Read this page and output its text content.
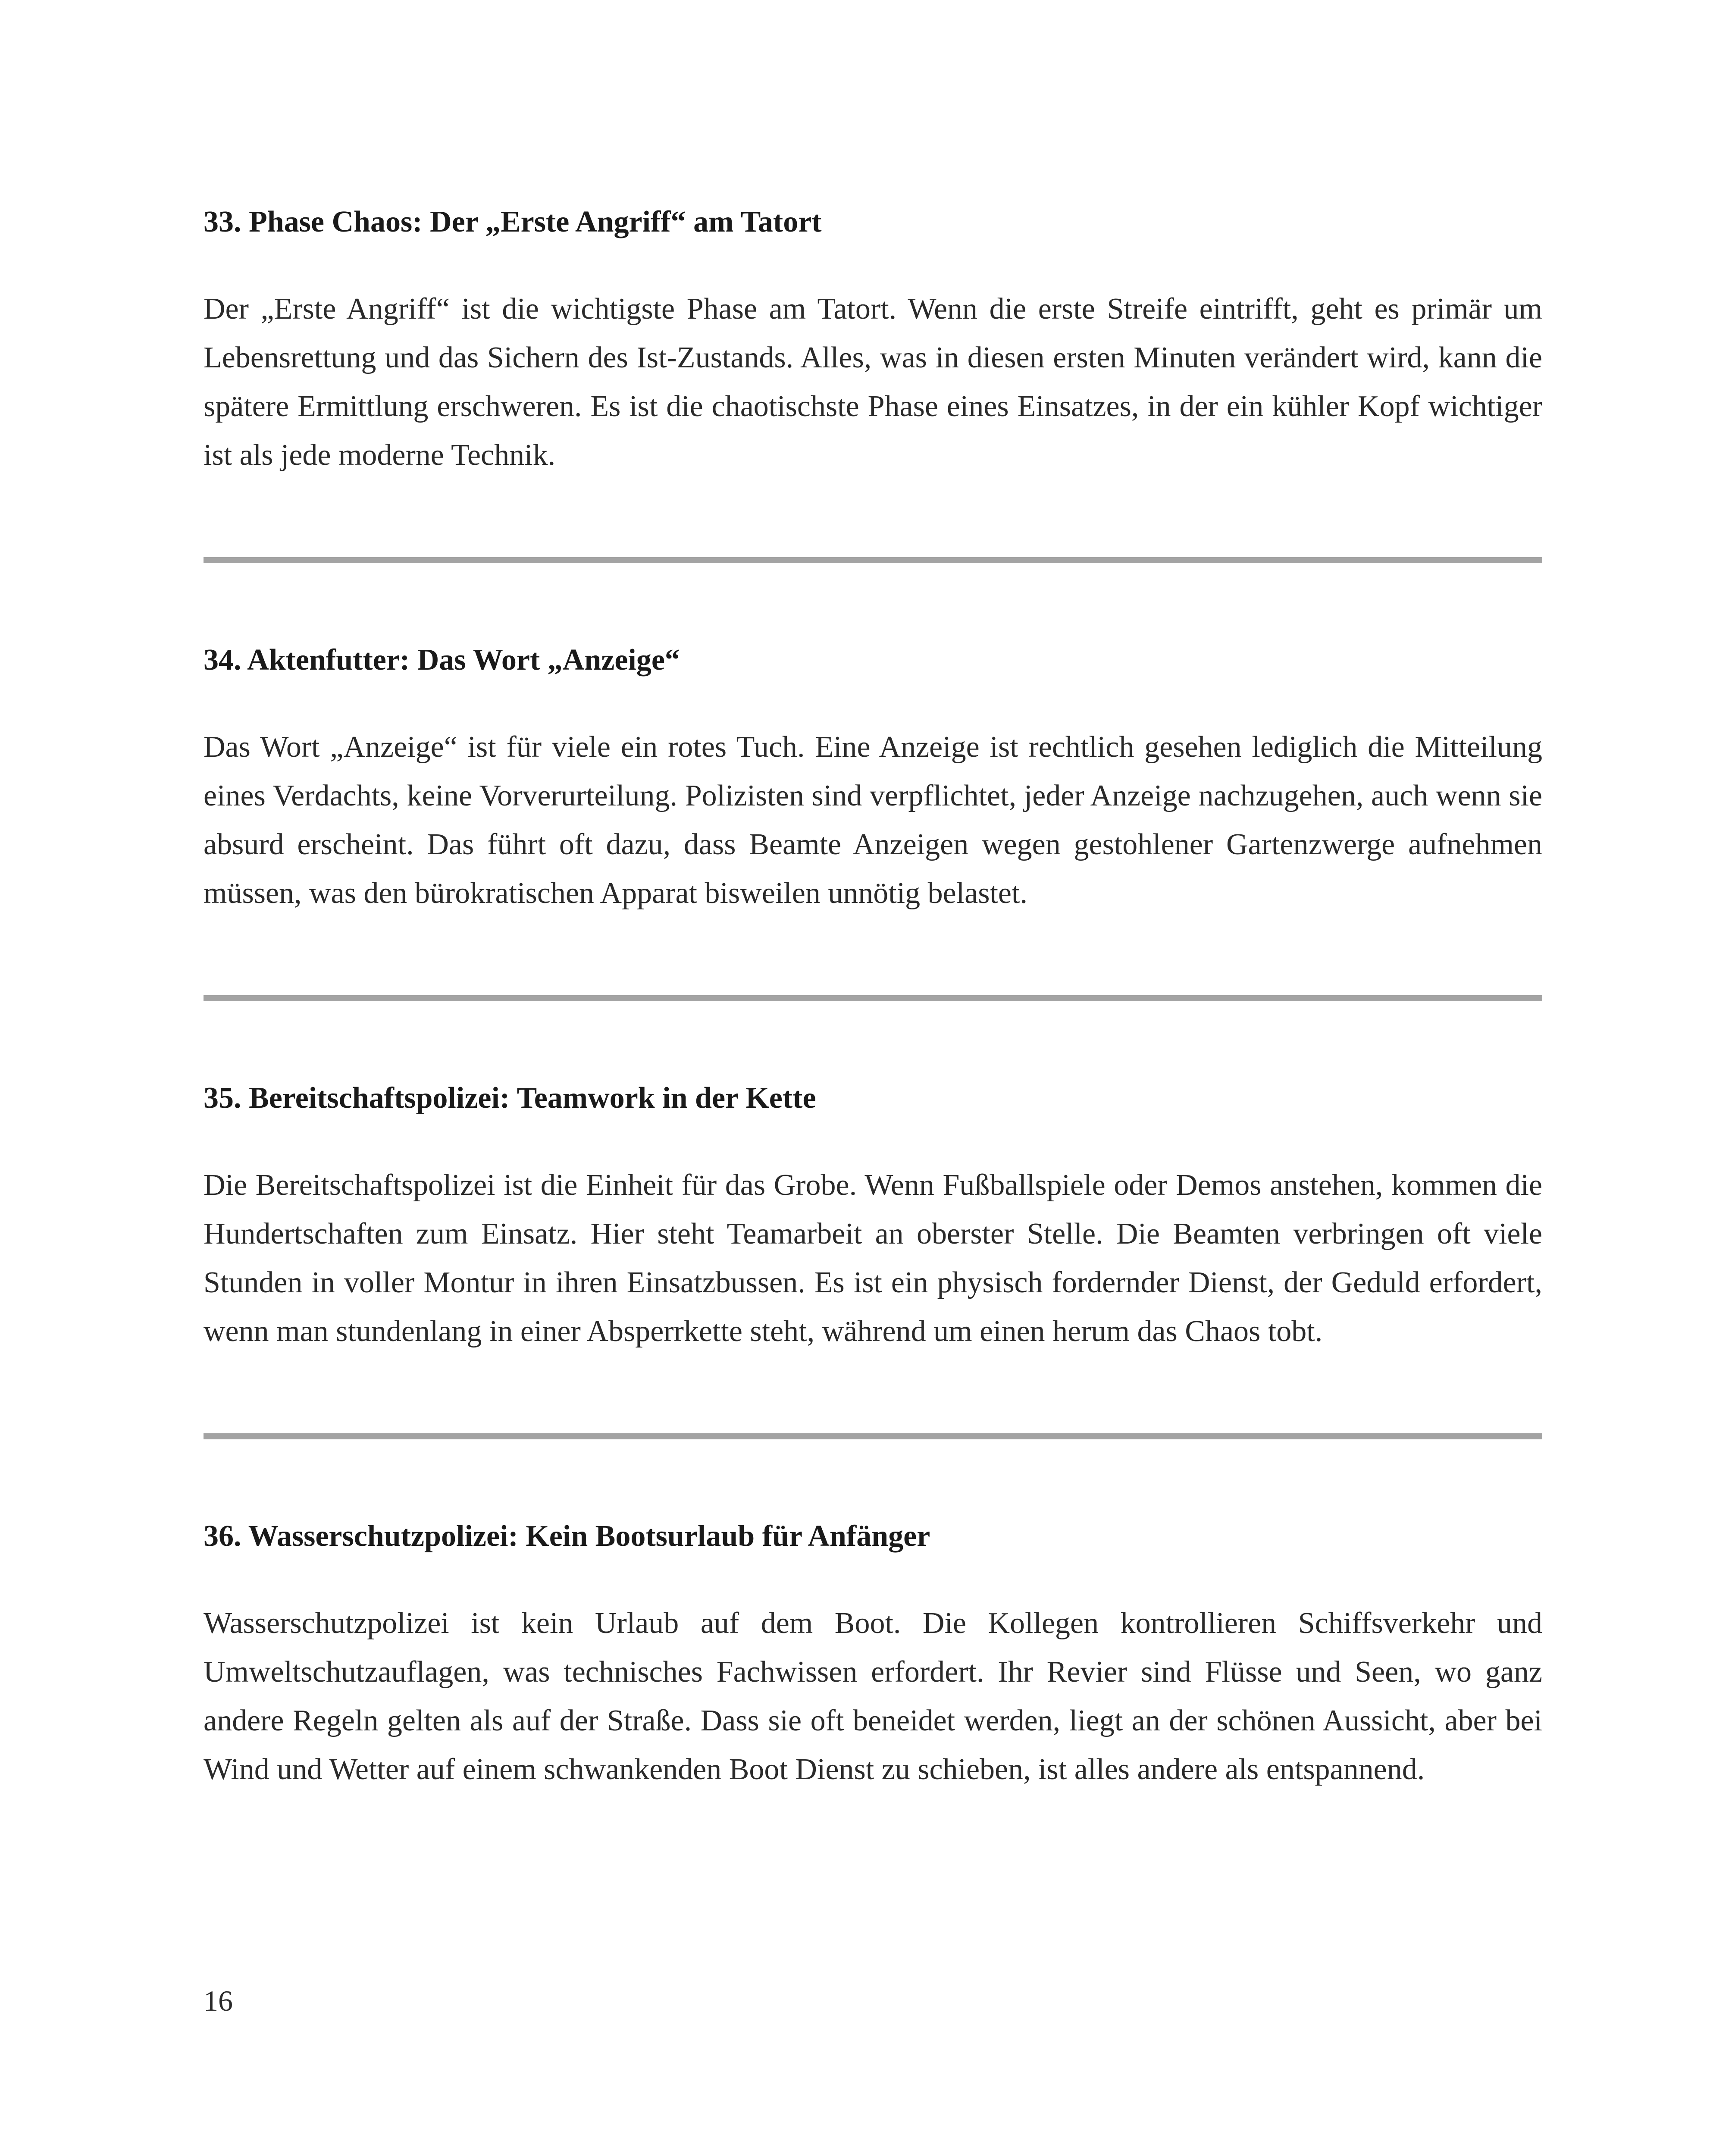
33. Phase Chaos: Der „Erste Angriff“ am Tatort

Der „Erste Angriff“ ist die wichtigste Phase am Tatort. Wenn die erste Streife eintrifft, geht es primär um Lebensrettung und das Sichern des Ist-Zustands. Alles, was in diesen ersten Minuten verändert wird, kann die spätere Ermittlung erschweren. Es ist die chaotischste Phase eines Einsatzes, in der ein kühler Kopf wichtiger ist als jede moderne Technik.

34. Aktenfutter: Das Wort „Anzeige“

Das Wort „Anzeige“ ist für viele ein rotes Tuch. Eine Anzeige ist rechtlich gesehen lediglich die Mitteilung eines Verdachts, keine Vorverurteilung. Polizisten sind verpflichtet, jeder Anzeige nachzugehen, auch wenn sie absurd erscheint. Das führt oft dazu, dass Beamte Anzeigen wegen gestohlener Gartenzwerge aufnehmen müssen, was den bürokratischen Apparat bisweilen unnötig belastet.

35. Bereitschaftspolizei: Teamwork in der Kette

Die Bereitschaftspolizei ist die Einheit für das Grobe. Wenn Fußballspiele oder Demos anstehen, kommen die Hundertschaften zum Einsatz. Hier steht Teamarbeit an oberster Stelle. Die Beamten verbringen oft viele Stunden in voller Montur in ihren Einsatzbussen. Es ist ein physisch fordernder Dienst, der Geduld erfordert, wenn man stundenlang in einer Absperrkette steht, während um einen herum das Chaos tobt.

36. Wasserschutzpolizei: Kein Bootsurlaub für Anfänger

Wasserschutzpolizei ist kein Urlaub auf dem Boot. Die Kollegen kontrollieren Schiffsverkehr und Umweltschutzauflagen, was technisches Fachwissen erfordert. Ihr Revier sind Flüsse und Seen, wo ganz andere Regeln gelten als auf der Straße. Dass sie oft beneidet werden, liegt an der schönen Aussicht, aber bei Wind und Wetter auf einem schwankenden Boot Dienst zu schieben, ist alles andere als entspannend.

16
